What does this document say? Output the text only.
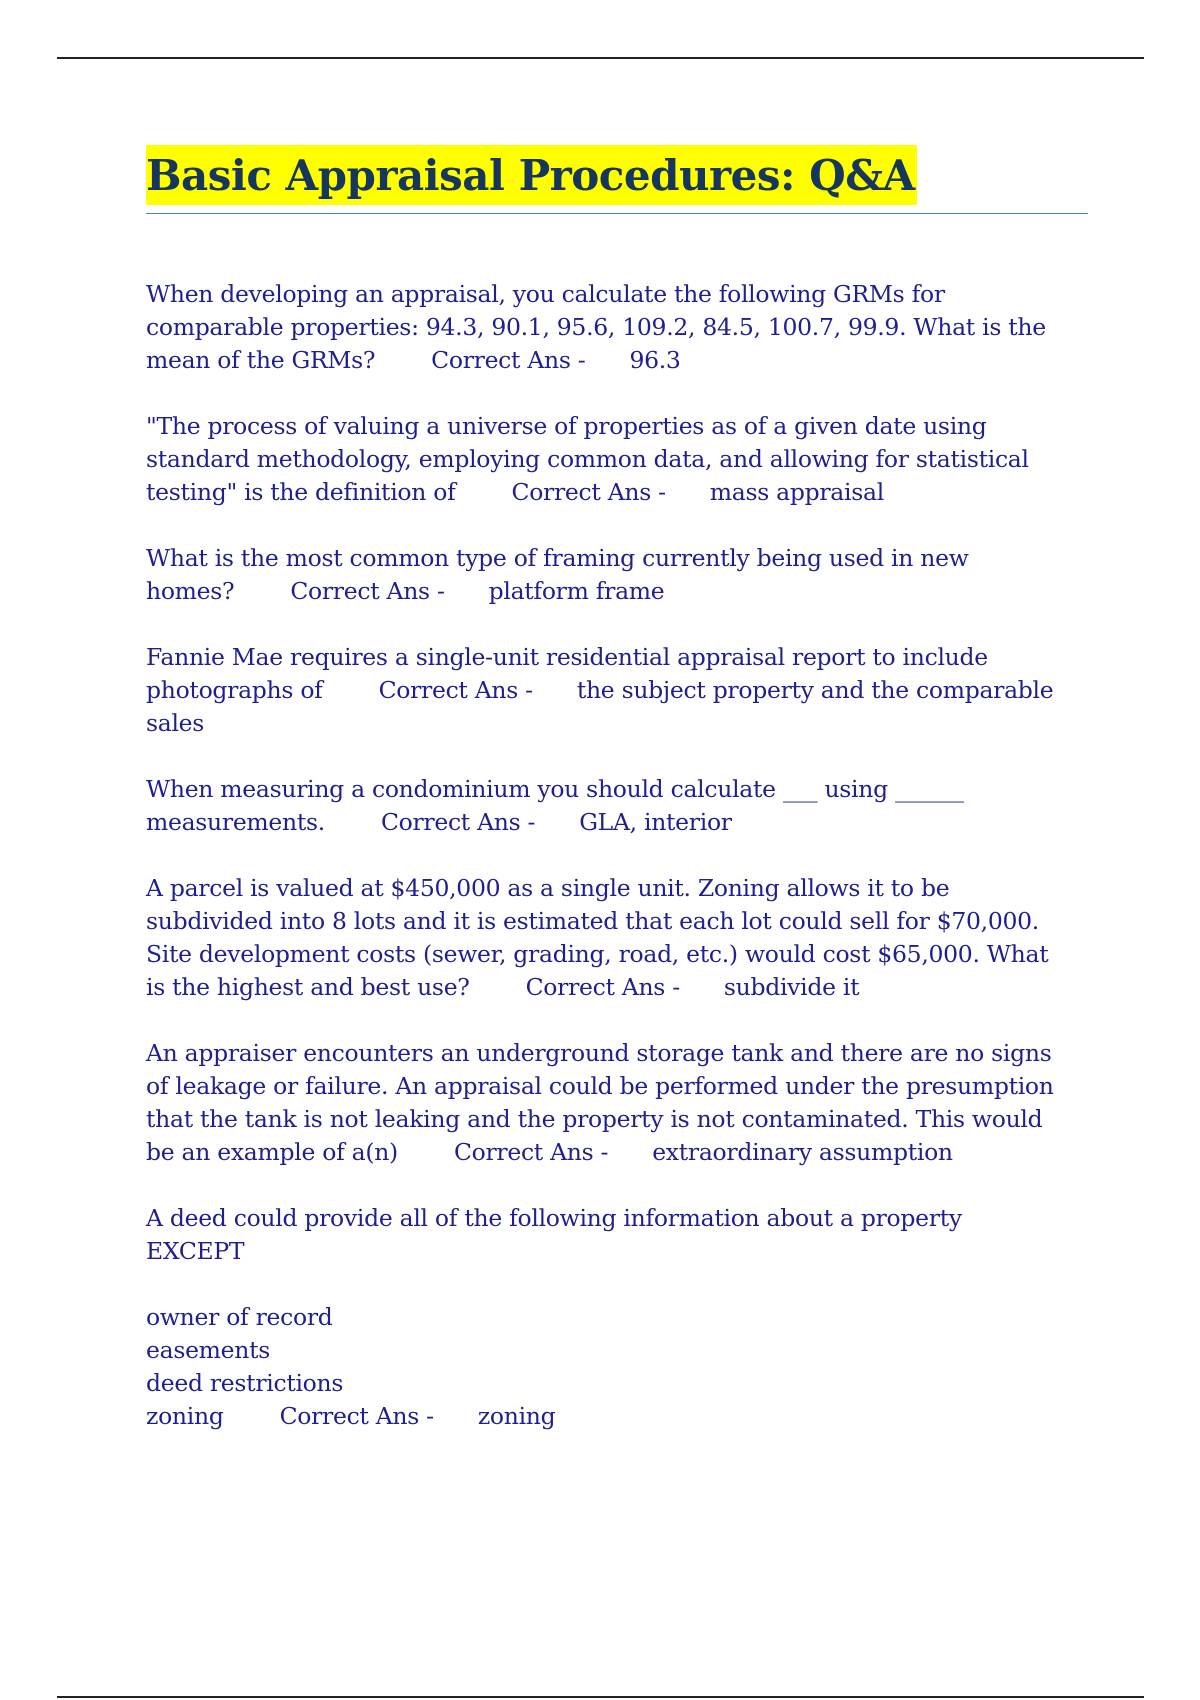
Basic Appraisal Procedures: Q&A
When developing an appraisal, you calculate the following GRMs for
comparable properties: 94.3, 90.1, 95.6, 109.2, 84.5, 100.7, 99.9. What is the
mean of the GRMs? Correct Ans - 96.3
"The process of valuing a universe of properties as of a given date using
standard methodology, employing common data, and allowing for statistical
testing" is the definition of Correct Ans - mass appraisal
What is the most common type of framing currently being used in new
homes? Correct Ans - platform frame
Fannie Mae requires a single-unit residential appraisal report to include
photographs of Correct Ans - the subject property and the comparable
sales
When measuring a condominium you should calculate ___ using ______
measurements. Correct Ans - GLA, interior
A parcel is valued at $450,000 as a single unit. Zoning allows it to be
subdivided into 8 lots and it is estimated that each lot could sell for $70,000.
Site development costs (sewer, grading, road, etc.) would cost $65,000. What
is the highest and best use? Correct Ans - subdivide it
An appraiser encounters an underground storage tank and there are no signs
of leakage or failure. An appraisal could be performed under the presumption
that the tank is not leaking and the property is not contaminated. This would
be an example of a(n) Correct Ans - extraordinary assumption
A deed could provide all of the following information about a property
EXCEPT
owner of record
easements
deed restrictions
zoning Correct Ans - zoning
